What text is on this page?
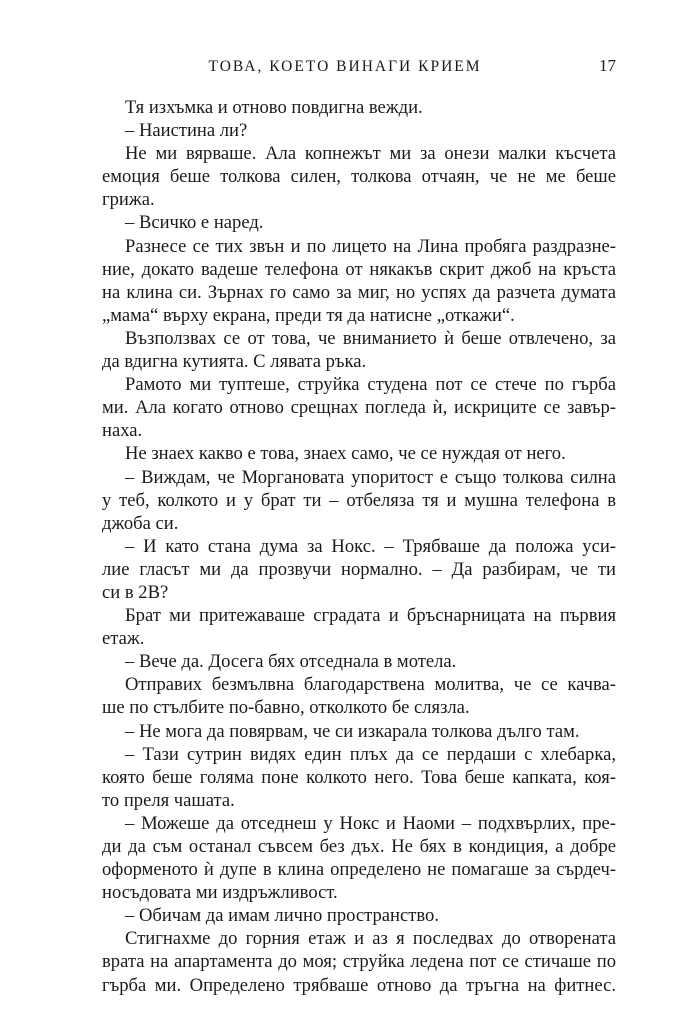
ТОВА, КОЕТО ВИНАГИ КРИЕМ	17
Тя изхъмка и отново повдигна вежди.
– Наистина ли?
Не ми вярваше. Ала копнежът ми за онези малки късчета
емоция беше толкова силен, толкова отчаян, че не ме беше
грижа.
– Всичко е наред.
Разнесе се тих звън и по лицето на Лина пробяга раздразне-
ние, докато вадеше телефона от някакъв скрит джоб на кръста
на клина си. Зърнах го само за миг, но успях да разчета думата
„мама“ върху екрана, преди тя да натисне „откажи“.
Възползвах се от това, че вниманието ѝ беше отвлечено, за
да вдигна кутията. С лявата ръка.
Рамото ми туптеше, струйка студена пот се стече по гърба
ми. Ала когато отново срещнах погледа ѝ, искриците се завър-
наха.
Не знаех какво е това, знаех само, че се нуждая от него.
– Виждам, че Моргановата упоритост е също толкова силна
у теб, колкото и у брат ти – отбеляза тя и мушна телефона в
джоба си.
– И като стана дума за Нокс. – Трябваше да положа уси-
лие гласът ми да прозвучи нормално. – Да разбирам, че ти
си в 2В?
Брат ми притежаваше сградата и бръснарницата на първия
етаж.
– Вече да. Досега бях отседнала в мотела.
Отправих безмълвна благодарствена молитва, че се качва-
ше по стълбите по-бавно, отколкото бе слязла.
– Не мога да повярвам, че си изкарала толкова дълго там.
– Тази сутрин видях един плъх да се пердаши с хлебарка,
която беше голяма поне колкото него. Това беше капката, коя-
то преля чашата.
– Можеше да отседнеш у Нокс и Наоми – подхвърлих, пре-
ди да съм останал съвсем без дъх. Не бях в кондиция, а добре
оформеното ѝ дупе в клина определено не помагаше за сърдеч-
носъдовата ми издръжливост.
– Обичам да имам лично пространство.
Стигнахме до горния етаж и аз я последвах до отворената
врата на апартамента до моя; струйка ледена пот се стичаше по
гърба ми. Определено трябваше отново да тръгна на фитнес.
